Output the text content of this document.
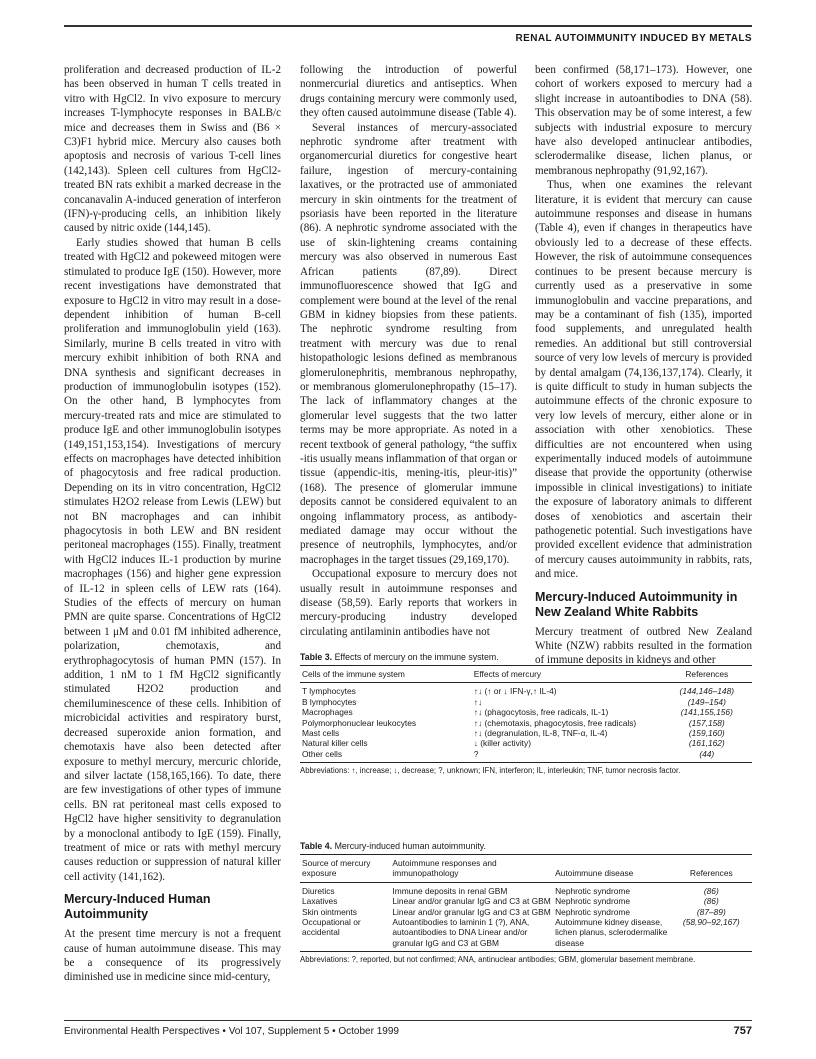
RENAL AUTOIMMUNITY INDUCED BY METALS

proliferation and decreased production of IL-2 has been observed in human T cells treated in vitro with HgCl2. In vivo exposure to mercury increases T-lymphocyte responses in BALB/c mice and decreases them in Swiss and (B6 × C3)F1 hybrid mice. Mercury also causes both apoptosis and necrosis of various T-cell lines (142,143). Spleen cell cultures from HgCl2-treated BN rats exhibit a marked decrease in the concanavalin A-induced generation of interferon (IFN)-γ-producing cells, an inhibition likely caused by nitric oxide (144,145).

Early studies showed that human B cells treated with HgCl2 and pokeweed mitogen were stimulated to produce IgE (150). However, more recent investigations have demonstrated that exposure to HgCl2 in vitro may result in a dose-dependent inhibition of human B-cell proliferation and immunoglobulin yield (163). Similarly, murine B cells treated in vitro with mercury exhibit inhibition of both RNA and DNA synthesis and significant decreases in production of immunoglobulin isotypes (152). On the other hand, B lymphocytes from mercury-treated rats and mice are stimulated to produce IgE and other immunoglobulin isotypes (149,151,153,154). Investigations of mercury effects on macrophages have detected inhibition of phagocytosis and free radical production. Depending on its in vitro concentration, HgCl2 stimulates H2O2 release from Lewis (LEW) but not BN macrophages and can inhibit phagocytosis in both LEW and BN resident peritoneal macrophages (155). Finally, treatment with HgCl2 induces IL-1 production by murine macrophages (156) and higher gene expression of IL-12 in spleen cells of LEW rats (164). Studies of the effects of mercury on human PMN are quite sparse. Concentrations of HgCl2 between 1 μM and 0.01 fM inhibited adherence, polarization, chemotaxis, and erythrophagocytosis of human PMN (157). In addition, 1 nM to 1 fM HgCl2 significantly stimulated H2O2 production and chemiluminescence of these cells. Inhibition of microbicidal activities and respiratory burst, decreased superoxide anion formation, and chemotaxis have also been detected after exposure to methyl mercury, mercuric chloride, and silver lactate (158,165,166). To date, there are few investigations of other types of immune cells. BN rat peritoneal mast cells exposed to HgCl2 have higher sensitivity to degranulation by a monoclonal antibody to IgE (159). Finally, treatment of mice or rats with methyl mercury causes reduction or suppression of natural killer cell activity (141,162).

Mercury-Induced Human Autoimmunity

At the present time mercury is not a frequent cause of human autoimmune disease. This may be a consequence of its progressively diminished use in medicine since mid-century,

following the introduction of powerful nonmercurial diuretics and antiseptics. When drugs containing mercury were commonly used, they often caused autoimmune disease (Table 4).

Several instances of mercury-associated nephrotic syndrome after treatment with organomercurial diuretics for congestive heart failure, ingestion of mercury-containing laxatives, or the protracted use of ammoniated mercury in skin ointments for the treatment of psoriasis have been reported in the literature (86). A nephrotic syndrome associated with the use of skin-lightening creams containing mercury was also observed in numerous East African patients (87,89). Direct immunofluorescence showed that IgG and complement were bound at the level of the renal GBM in kidney biopsies from these patients. The nephrotic syndrome resulting from treatment with mercury was due to renal histopathologic lesions defined as membranous glomerulonephritis, membranous nephropathy, or membranous glomerulonephropathy (15–17). The lack of inflammatory changes at the glomerular level suggests that the two latter terms may be more appropriate. As noted in a recent textbook of general pathology, “the suffix -itis usually means inflammation of that organ or tissue (appendic-itis, mening-itis, pleur-itis)” (168). The presence of glomerular immune deposits cannot be considered equivalent to an ongoing inflammatory process, as antibody-mediated damage may occur without the presence of neutrophils, lymphocytes, and/or macrophages in the target tissues (29,169,170).

Occupational exposure to mercury does not usually result in autoimmune responses and disease (58,59). Early reports that workers in mercury-producing industry developed circulating antilaminin antibodies have not

been confirmed (58,171–173). However, one cohort of workers exposed to mercury had a slight increase in autoantibodies to DNA (58). This observation may be of some interest, a few subjects with industrial exposure to mercury have also developed antinuclear antibodies, sclerodermalike disease, lichen planus, or membranous nephropathy (91,92,167).

Thus, when one examines the relevant literature, it is evident that mercury can cause autoimmune responses and disease in humans (Table 4), even if changes in therapeutics have obviously led to a decrease of these effects. However, the risk of autoimmune consequences continues to be present because mercury is currently used as a preservative in some immunoglobulin and vaccine preparations, and may be a contaminant of fish (135), imported food supplements, and unregulated health remedies. An additional but still controversial source of very low levels of mercury is provided by dental amalgam (74,136,137,174). Clearly, it is quite difficult to study in human subjects the autoimmune effects of the chronic exposure to very low levels of mercury, either alone or in association with other xenobiotics. These difficulties are not encountered when using experimentally induced models of autoimmune disease that provide the opportunity (otherwise impossible in clinical investigations) to initiate the exposure of laboratory animals to different doses of xenobiotics and ascertain their pathogenetic potential. Such investigations have provided excellent evidence that administration of mercury causes autoimmunity in rabbits, rats, and mice.

Mercury-Induced Autoimmunity in New Zealand White Rabbits

Mercury treatment of outbred New Zealand White (NZW) rabbits resulted in the formation of immune deposits in kidneys and other

Table 3. Effects of mercury on the immune system.
Cells of the immune system	Effects of mercury	References
T lymphocytes	↑↓ (↑ or ↓ IFN-γ,↑ IL-4)	(144,146–148)
B lymphocytes	↑↓	(149–154)
Macrophages	↑↓ (phagocytosis, free radicals, IL-1)	(141,155,156)
Polymorphonuclear leukocytes	↑↓ (chemotaxis, phagocytosis, free radicals)	(157,158)
Mast cells	↑↓ (degranulation, IL-8, TNF-α, IL-4)	(159,160)
Natural killer cells	↓ (killer activity)	(161,162)
Other cells	?	(44)
Abbreviations: ↑, increase; ↓, decrease; ?, unknown; IFN, interferon; IL, interleukin; TNF, tumor necrosis factor.
Table 4. Mercury-induced human autoimmunity.
Source of mercury exposure	Autoimmune responses and immunopathology	Autoimmune disease	References
Diuretics	Immune deposits in renal GBM	Nephrotic syndrome	(86)
Laxatives	Linear and/or granular IgG and C3 at GBM	Nephrotic syndrome	(86)
Skin ointments	Linear and/or granular IgG and C3 at GBM	Nephrotic syndrome	(87–89)
Occupational or accidental	Autoantibodies to laminin 1 (?), ANA, autoantibodies to DNA Linear and/or granular IgG and C3 at GBM	Autoimmune kidney disease, lichen planus, sclerodermalike disease	(58,90–92,167)
Abbreviations: ?, reported, but not confirmed; ANA, antinuclear antibodies; GBM, glomerular basement membrane.
Environmental Health Perspectives • Vol 107, Supplement 5 • October 1999	757
